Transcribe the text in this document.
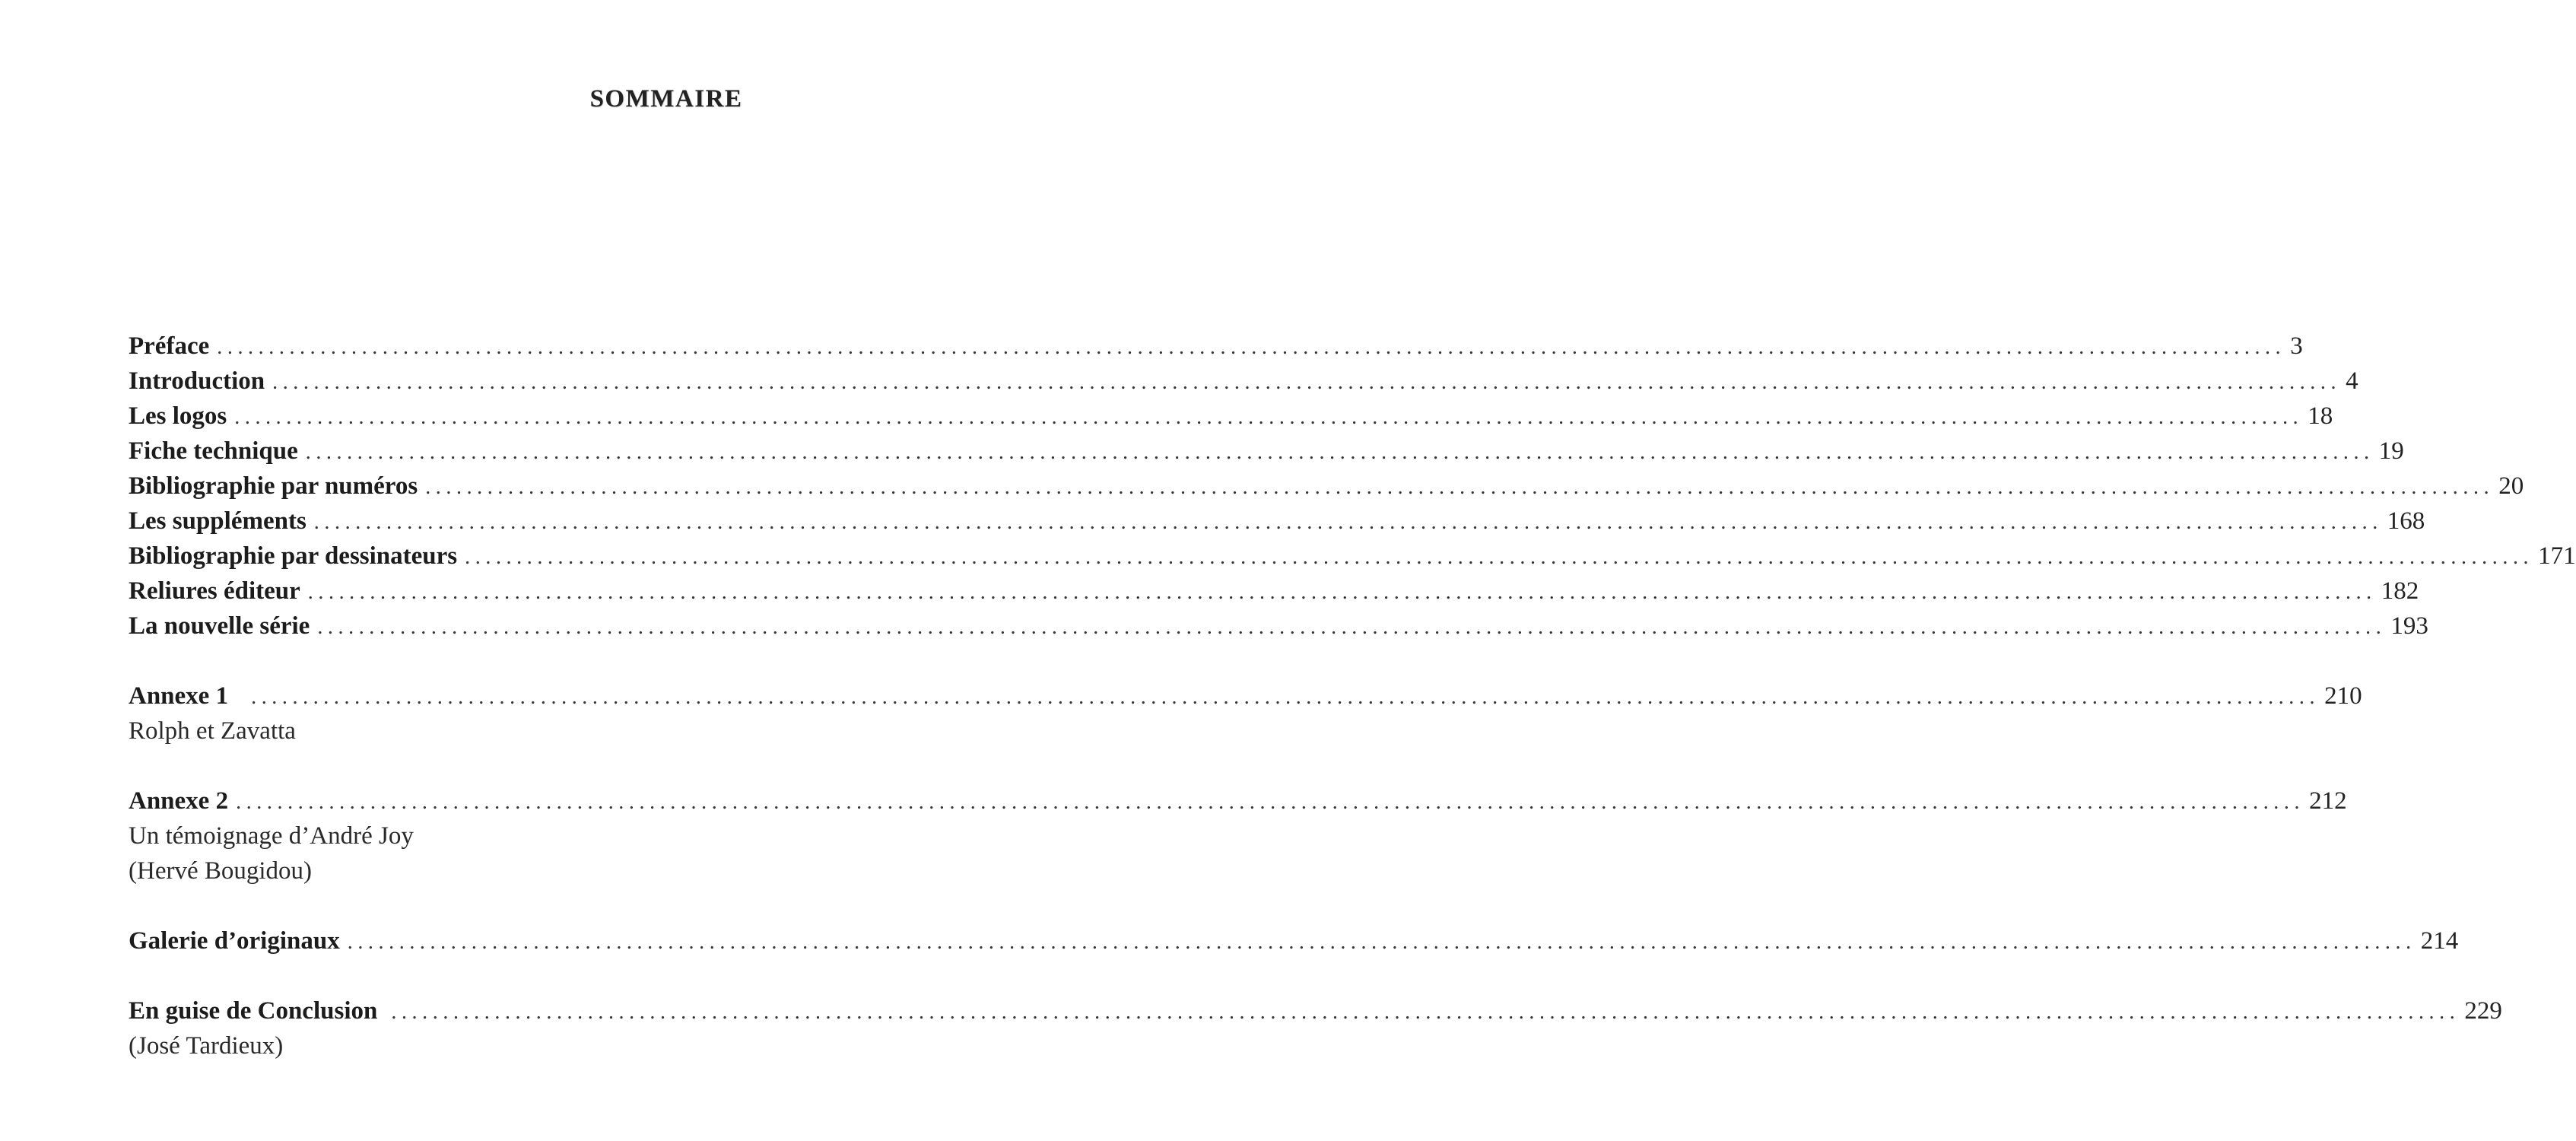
SOMMAIRE
Préface ........................................................................................................................................................................................................ 3
Introduction ........................................................................................................................................................................................................ 4
Les logos ........................................................................................................................................................................................................ 18
Fiche technique ........................................................................................................................................................................................................ 19
Bibliographie par numéros ........................................................................................................................................................................................................ 20
Les suppléments ........................................................................................................................................................................................................ 168
Bibliographie par dessinateurs ........................................................................................................................................................................................................ 171
Reliures éditeur ........................................................................................................................................................................................................ 182
La nouvelle série ........................................................................................................................................................................................................ 193
Annexe 1 ........................................................................................................................................................................................................ 210
Rolph et Zavatta
Annexe 2 ........................................................................................................................................................................................................ 212
Un témoignage d’André Joy
(Hervé Bougidou)
Galerie d’originaux ........................................................................................................................................................................................................ 214
En guise de Conclusion ........................................................................................................................................................................................................ 229
(José Tardieux)
